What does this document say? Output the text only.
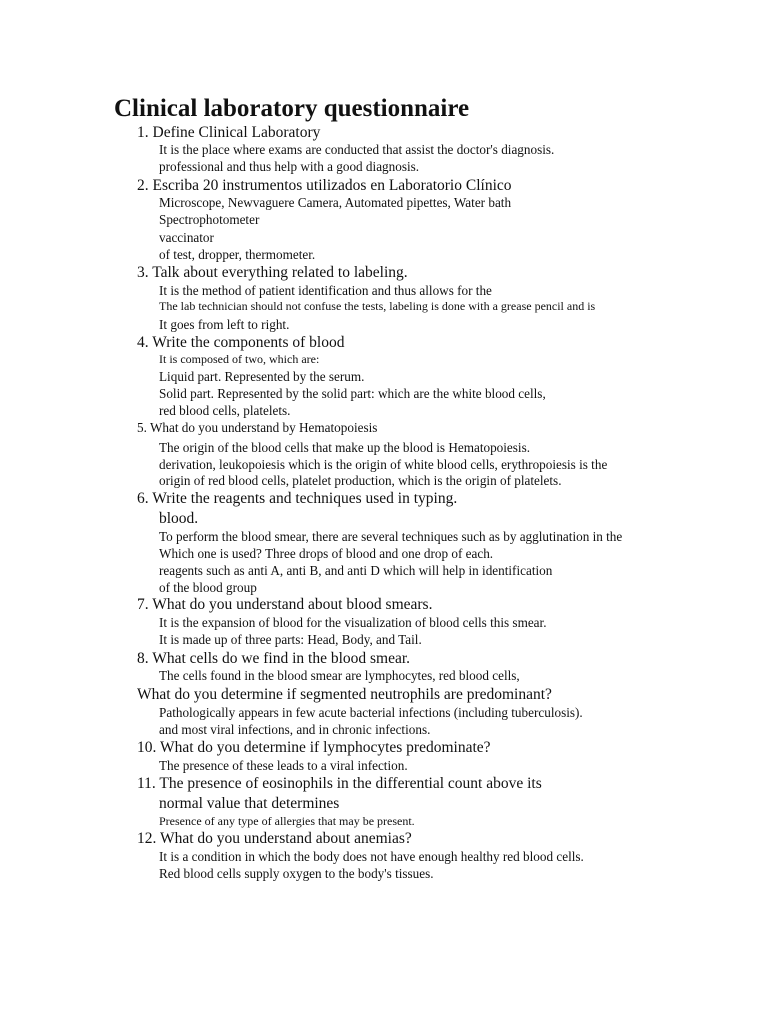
Clinical laboratory questionnaire
1. Define Clinical Laboratory
It is the place where exams are conducted that assist the doctor's diagnosis.
professional and thus help with a good diagnosis.
2. Escriba 20 instrumentos utilizados en Laboratorio Clínico
Microscope, Newvaguere Camera, Automated pipettes, Water bath
Spectrophotometer
vaccinator
of test, dropper, thermometer.
3. Talk about everything related to labeling.
It is the method of patient identification and thus allows for the
The lab technician should not confuse the tests, labeling is done with a grease pencil and is
It goes from left to right.
4. Write the components of blood
It is composed of two, which are:
Liquid part. Represented by the serum.
Solid part. Represented by the solid part: which are the white blood cells,
red blood cells, platelets.
5. What do you understand by Hematopoiesis
The origin of the blood cells that make up the blood is Hematopoiesis.
derivation, leukopoiesis which is the origin of white blood cells, erythropoiesis is the
origin of red blood cells, platelet production, which is the origin of platelets.
6. Write the reagents and techniques used in typing.
blood.
To perform the blood smear, there are several techniques such as by agglutination in the
Which one is used? Three drops of blood and one drop of each.
reagents such as anti A, anti B, and anti D which will help in identification
of the blood group
7. What do you understand about blood smears.
It is the expansion of blood for the visualization of blood cells this smear.
It is made up of three parts: Head, Body, and Tail.
8. What cells do we find in the blood smear.
The cells found in the blood smear are lymphocytes, red blood cells,
What do you determine if segmented neutrophils are predominant?
Pathologically appears in few acute bacterial infections (including tuberculosis).
and most viral infections, and in chronic infections.
10. What do you determine if lymphocytes predominate?
The presence of these leads to a viral infection.
11. The presence of eosinophils in the differential count above its
normal value that determines
Presence of any type of allergies that may be present.
12. What do you understand about anemias?
It is a condition in which the body does not have enough healthy red blood cells.
Red blood cells supply oxygen to the body's tissues.
